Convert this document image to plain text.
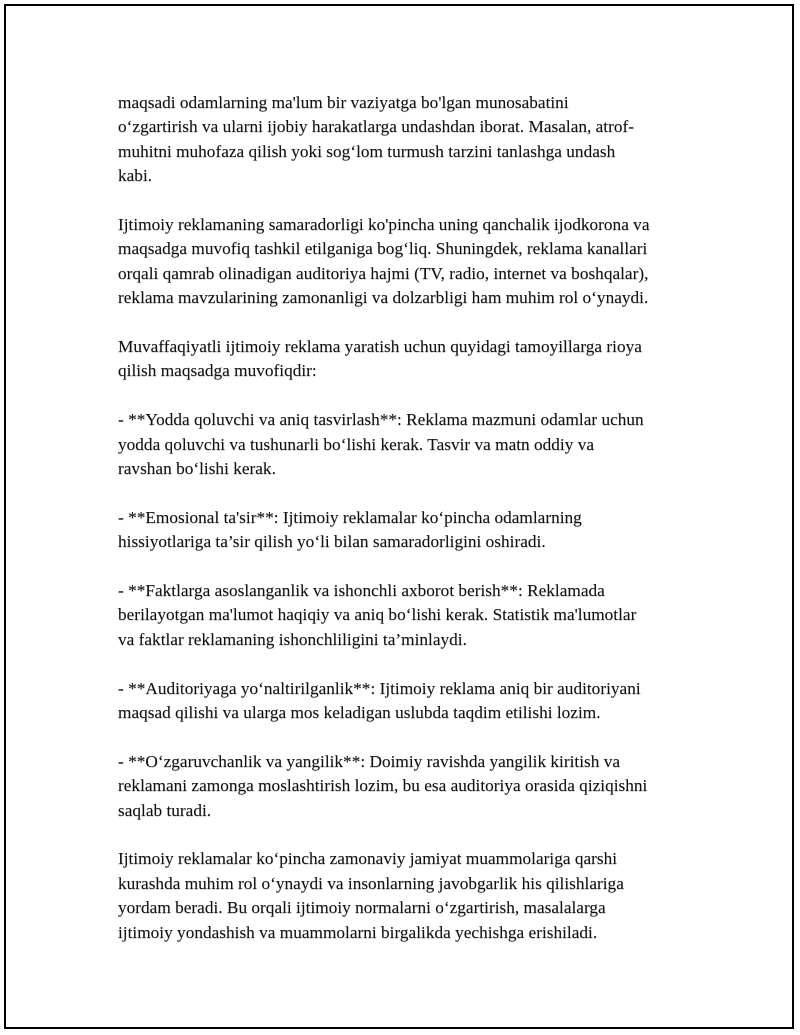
maqsadi odamlarning ma'lum bir vaziyatga bo'lgan munosabatini
o‘zgartirish va ularni ijobiy harakatlarga undashdan iborat. Masalan, atrof-
muhitni muhofaza qilish yoki sog‘lom turmush tarzini tanlashga undash
kabi.

Ijtimoiy reklamaning samaradorligi ko'pincha uning qanchalik ijodkorona va
maqsadga muvofiq tashkil etilganiga bog‘liq. Shuningdek, reklama kanallari
orqali qamrab olinadigan auditoriya hajmi (TV, radio, internet va boshqalar),
reklama mavzularining zamonanligi va dolzarbligi ham muhim rol o‘ynaydi.

Muvaffaqiyatli ijtimoiy reklama yaratish uchun quyidagi tamoyillarga rioya
qilish maqsadga muvofiqdir:

- **Yodda qoluvchi va aniq tasvirlash**: Reklama mazmuni odamlar uchun
yodda qoluvchi va tushunarli bo‘lishi kerak. Tasvir va matn oddiy va
ravshan bo‘lishi kerak.

- **Emosional ta'sir**: Ijtimoiy reklamalar ko‘pincha odamlarning
hissiyotlariga ta’sir qilish yo‘li bilan samaradorligini oshiradi.

- **Faktlarga asoslanganlik va ishonchli axborot berish**: Reklamada
berilayotgan ma'lumot haqiqiy va aniq bo‘lishi kerak. Statistik ma'lumotlar
va faktlar reklamaning ishonchliligini ta’minlaydi.

- **Auditoriyaga yo‘naltirilganlik**: Ijtimoiy reklama aniq bir auditoriyani
maqsad qilishi va ularga mos keladigan uslubda taqdim etilishi lozim.

- **O‘zgaruvchanlik va yangilik**: Doimiy ravishda yangilik kiritish va
reklamani zamonga moslashtirish lozim, bu esa auditoriya orasida qiziqishni
saqlab turadi.

Ijtimoiy reklamalar ko‘pincha zamonaviy jamiyat muammolariga qarshi
kurashda muhim rol o‘ynaydi va insonlarning javobgarlik his qilishlariga
yordam beradi. Bu orqali ijtimoiy normalarni o‘zgartirish, masalalarga
ijtimoiy yondashish va muammolarni birgalikda yechishga erishiladi.
